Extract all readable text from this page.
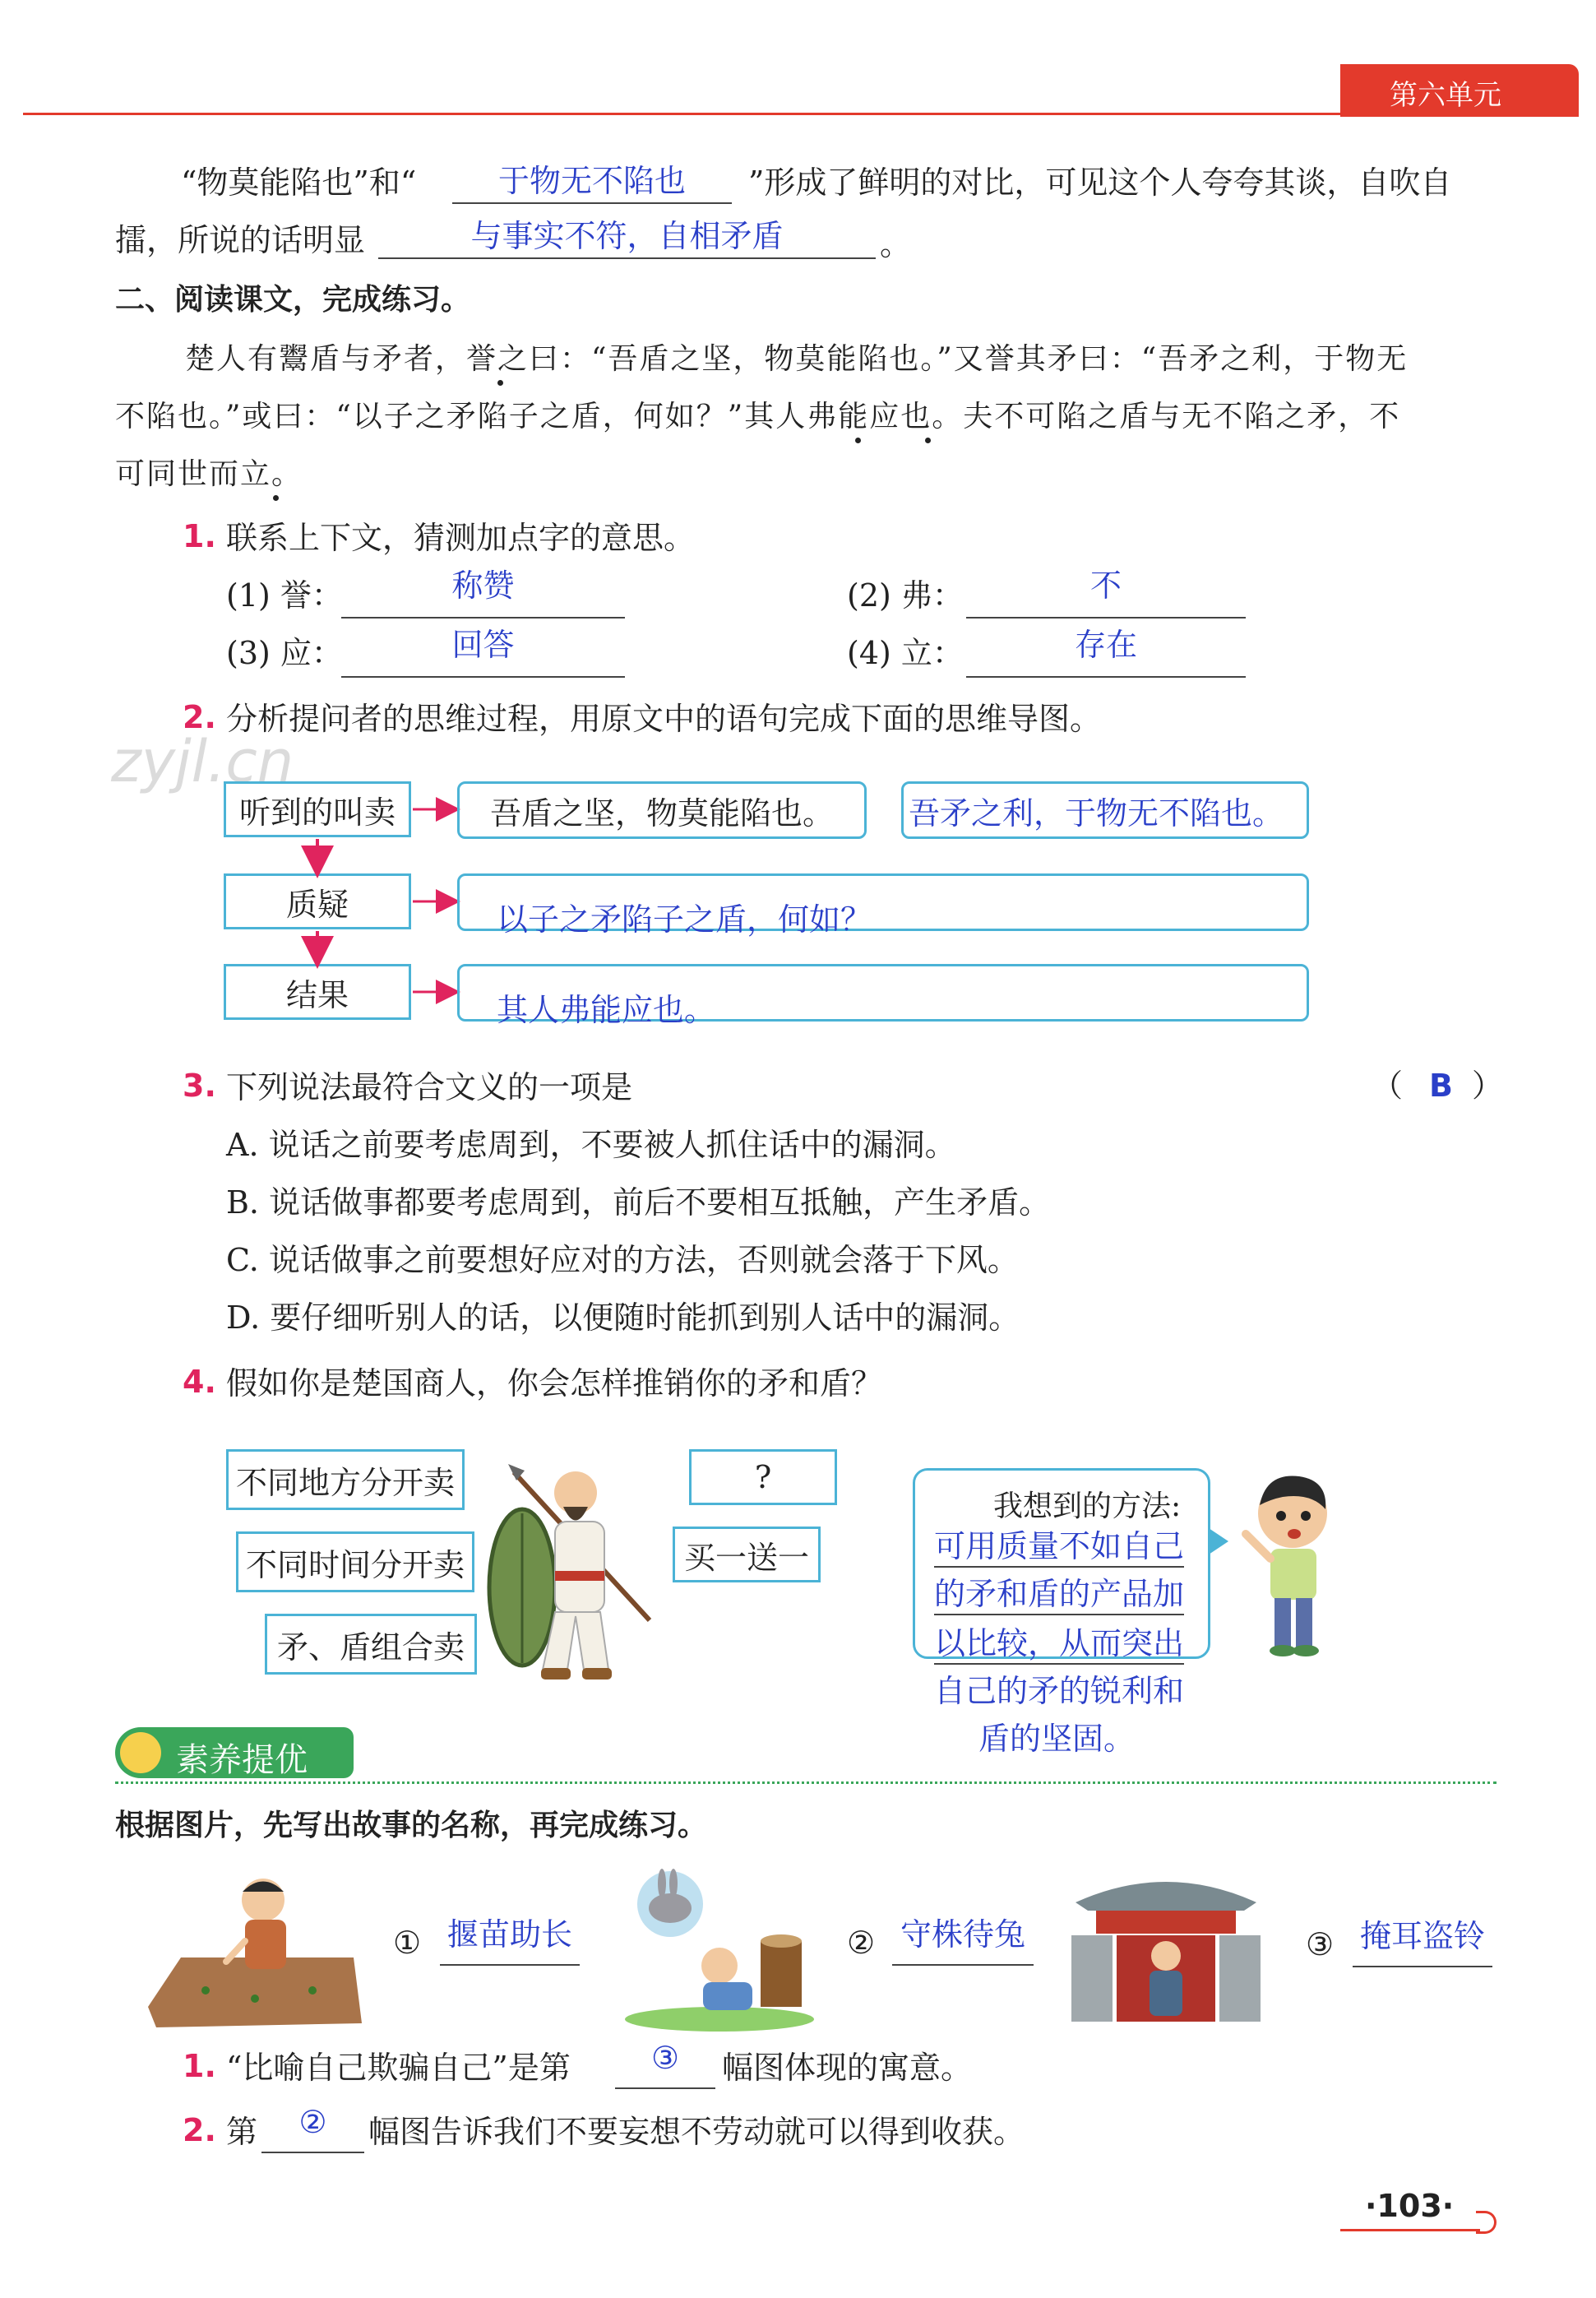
第六单元
“物莫能陷也”和“	于物无不陷也	”形成了鲜明的对比，可见这个人夸夸其谈，自吹自
擂，所说的话明显	与事实不符，自相矛盾	。
二、阅读课文，完成练习。
楚人有鬻盾与矛者，誉之曰：“吾盾之坚，物莫能陷也。”又誉其矛曰：“吾矛之利，于物无
不陷也。”或曰：“以子之矛陷子之盾，何如？”其人弗能应也。夫不可陷之盾与无不陷之矛，不
可同世而立。
1. 联系上下文，猜测加点字的意思。
(1) 誉：	称赞	(2) 弗：	不
(3) 应：	回答	(4) 立：	存在
2. 分析提问者的思维过程，用原文中的语句完成下面的思维导图。
zyjl.cn
听到的叫卖
质疑
结果
吾盾之坚，物莫能陷也。 吾矛之利，于物无不陷也。
以子之矛陷子之盾，何如？
其人弗能应也。
3. 下列说法最符合文义的一项是	（ B ）
A. 说话之前要考虑周到，不要被人抓住话中的漏洞。
B. 说话做事都要考虑周到，前后不要相互抵触，产生矛盾。
C. 说话做事之前要想好应对的方法，否则就会落于下风。
D. 要仔细听别人的话，以便随时能抓到别人话中的漏洞。
4. 假如你是楚国商人，你会怎样推销你的矛和盾？
不同地方分开卖
不同时间分开卖
矛、盾组合卖
?
买一送一
我想到的方法:
可用质量不如自己
的矛和盾的产品加
以比较，从而突出
自己的矛的锐利和
盾的坚固。
素养提优
根据图片，先写出故事的名称，再完成练习。
① 揠苗助长	② 守株待兔	③ 掩耳盗铃
1. “比喻自己欺骗自己”是第	③	幅图体现的寓意。
2. 第	②	幅图告诉我们不要妄想不劳动就可以得到收获。
·103·
